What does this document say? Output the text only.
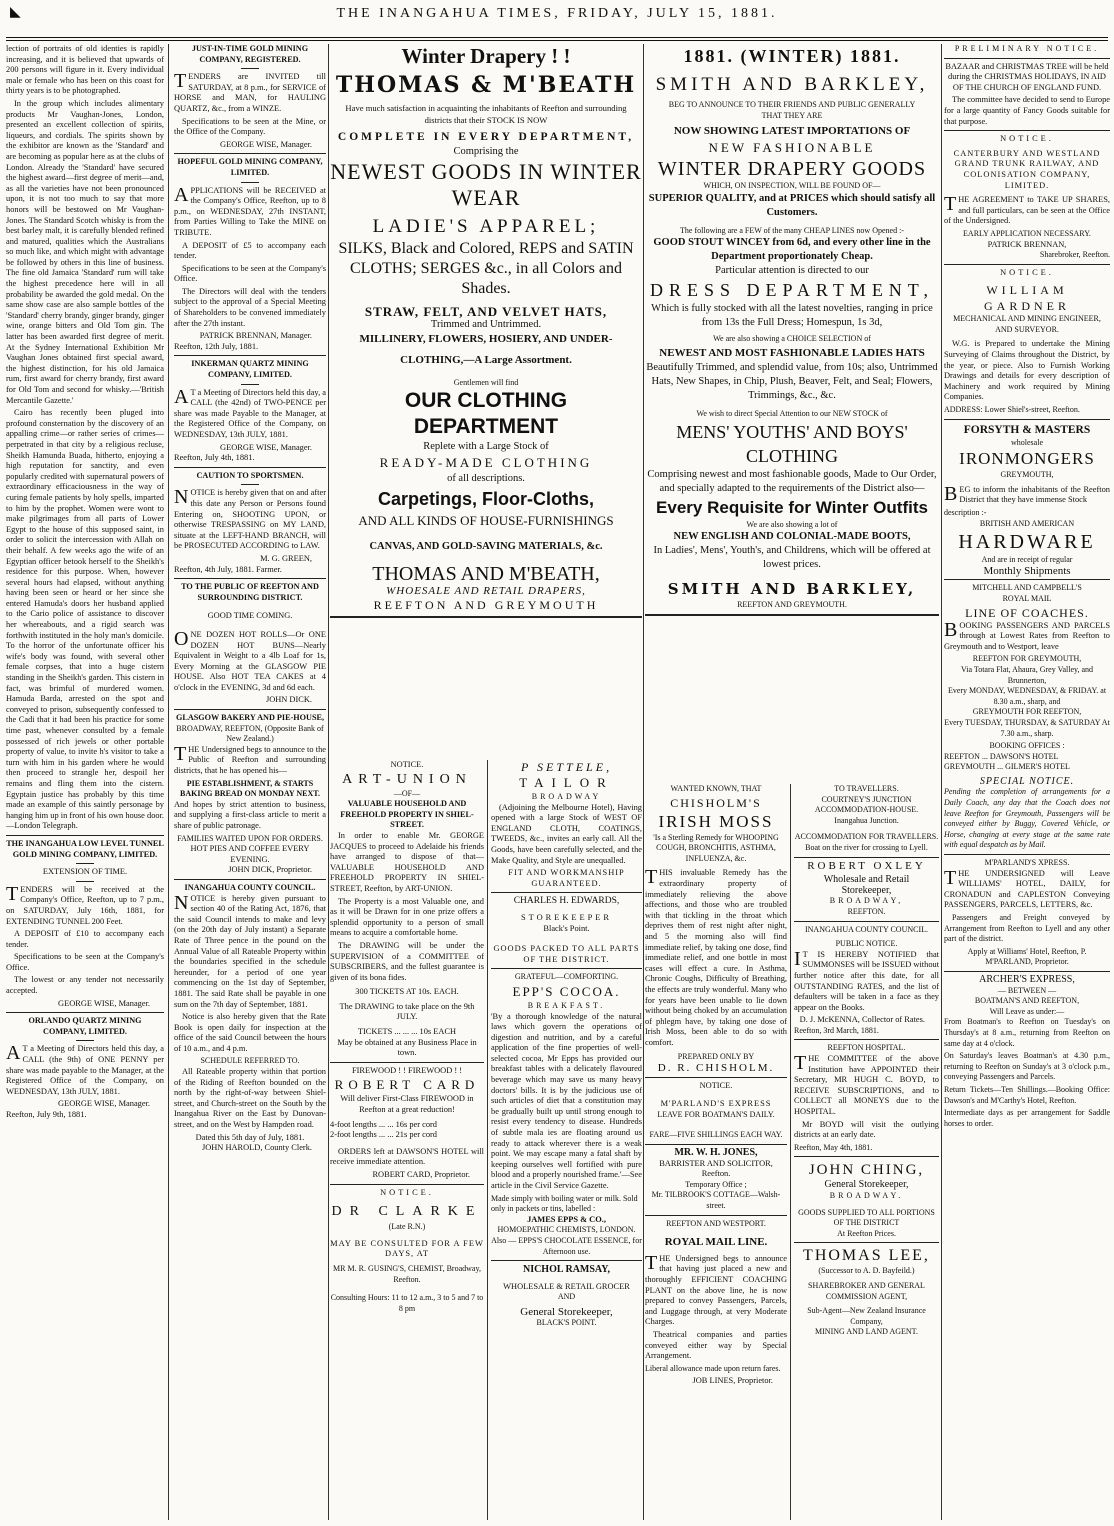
◣	THE INANGAHUA TIMES, FRIDAY, JULY 15, 1881.

lection of portraits of old identies is rapidly increasing, and it is believed that upwards of 200 persons will figure in it. Every individual male or female who has been on this coast for thirty years is to be photographed.

In the group which includes alimentary products Mr Vaughan-Jones, London, presented an excellent collection of spirits, liqueurs, and cordials. The spirits shown by the exhibitor are known as the 'Standard' and are becoming as popular here as at the clubs of London. Already the 'Standard' have secured the highest award—first degree of merit—and, as all the varieties have not been pronounced upon, it is not too much to say that more honors will be bestowed on Mr Vaughan-Jones. The Standard Scotch whisky is from the best barley malt, it is carefully blended refined and matured, qualities which the Australians so much like, and which might with advantage be followed by others in this line of business. The fine old Jamaica 'Standard' rum will take the highest precedence here will in all probability be awarded the gold medal. On the same show case are also sample bottles of the 'Standard' cherry brandy, ginger brandy, ginger wine, orange bitters and Old Tom gin. The latter has been awarded first degree of merit. At the Sydney International Exhibition Mr Vaughan Jones obtained first special award, the highest distinction, for his old Jamaica rum, first award for cherry brandy, first award for Old Tom and second for whisky.—'British Mercantile Gazette.'

Cairo has recently been pluged into profound consternation by the discovery of an appalling crime—or rather series of crimes—perpetrated in that city by a religious recluse, Sheikh Hamunda Buada, hitherto, enjoying a high reputation for sanctity, and even popularly credited with supernatural powers of extraordinary efficaciousness in the way of curing female patients by holy spells, imparted to him by the prophet. Women were wont to make pilgrimages from all parts of Lower Egypt to the house of this supposed saint, in order to solicit the intercession with Allah on their behalf. A few weeks ago the wife of an Egyptian officer betook herself to the Sheikh's residence for this purpose. When, however several hours had elapsed, without anything having been seen or heard or her since she entered Hamuda's doors her husband applied to the Cario police of assistance to discover her whereabouts, and a rigid search was forthwith instituted in the holy man's domicile. To the horror of the unfortunate officer his wife's body was found, with several other female corpses, that into a huge cistern standing in the Sheikh's garden. This cistern in fact, was brimful of murdered women. Hamuda Barda, arrested on the spot and conveyed to prison, subsequently confessed to the Cadi that it had been his practice for some time past, whenever consulted by a female possessed of rich jewels or other portable property of value, to invite h's visitor to take a turn with him in his garden where he would then proceed to strangle her, despoil her remains and fling them into the cistern. Egyptain justice has probably by this time made an example of this saintly personage by hanging him up in front of his own house door.—London Telegraph.

THE INANGAHUA LOW LEVEL TUNNEL GOLD MINING COMPANY, LIMITED.
EXTENSION OF TIME.

TENDERS will be received at the Company's Office, Reefton, up to 7 p.m., on SATURDAY, July 16th, 1881, for EXTENDING TUNNEL 200 Feet.

A DEPOSIT of £10 to accompany each tender.

Specifications to be seen at the Company's Office.

The lowest or any tender not necessarily accepted.

GEORGE WISE, Manager.
ORLANDO QUARTZ MINING COMPANY, LIMITED.

AT a Meeting of Directors held this day, a CALL (the 9th) of ONE PENNY per share was made payable to the Manager, at the Registered Office of the Company, on WEDNESDAY, 13th JULY, 1881.

GEORGE WISE, Manager.
Reefton, July 9th, 1881.
JUST-IN-TIME GOLD MINING COMPANY, REGISTERED.

TENDERS are INVITED till SATURDAY, at 8 p.m., for SERVICE of HORSE and MAN, for HAULING QUARTZ, &c., from a WINZE.

Specifications to be seen at the Mine, or the Office of the Company.

GEORGE WISE, Manager.
HOPEFUL GOLD MINING COMPANY, LIMITED.

APPLICATIONS will be RECEIVED at the Company's Office, Reefton, up to 8 p.m., on WEDNESDAY, 27th INSTANT, from Parties Willing to Take the MINE on TRIBUTE.

A DEPOSIT of £5 to accompany each tender.

Specifications to be seen at the Company's Office.

The Directors will deal with the tenders subject to the approval of a Special Meeting of Shareholders to be convened immediately after the 27th instant.

PATRICK BRENNAN, Manager.
Reefton, 12th July, 1881.
INKERMAN QUARTZ MINING COMPANY, LIMITED.

AT a Meeting of Directors held this day, a CALL (the 42nd) of TWO-PENCE per share was made Payable to the Manager, at the Registered Office of the Company, on WEDNESDAY, 13th JULY, 1881.

GEORGE WISE, Manager.
Reefton, July 4th, 1881.
CAUTION TO SPORTSMEN.

NOTICE is hereby given that on and after this date any Person or Persons found Entering on, SHOOTING UPON, or otherwise TRESPASSING on MY LAND, situate at the LEFT-HAND BRANCH, will be PROSECUTED ACCORDING to LAW.

M. G. GREEN,
Reefton, 4th July, 1881. Farmer.
TO THE PUBLIC OF REEFTON AND SURROUNDING DISTRICT.
GOOD TIME COMING.

ONE DOZEN HOT ROLLS—Or ONE DOZEN HOT BUNS—Nearly Equivalent in Weight to a 4lb Loaf for 1s, Every Morning at the GLASGOW PIE HOUSE. Also HOT TEA CAKES at 4 o'clock in the EVENING, 3d and 6d each.

JOHN DICK.
GLASGOW BAKERY AND PIE-HOUSE,
BROADWAY, REEFTON, (Opposite Bank of New Zealand.)

THE Undersigned begs to announce to the Public of Reefton and surrounding districts, that he has opened his—

PIE ESTABLISHMENT, & STARTS BAKING BREAD ON MONDAY NEXT.

And hopes by strict attention to business, and supplying a first-class article to merit a share of public patronage.

FAMILIES WAITED UPON FOR ORDERS.
HOT PIES AND COFFEE EVERY EVENING.
JOHN DICK, Proprietor.
INANGAHUA COUNTY COUNCIL.

NOTICE is hereby given pursuant to section 40 of the Rating Act, 1876, that the said Council intends to make and levy (on the 20th day of July instant) a Separate Rate of Three pence in the pound on the Annual Value of all Rateable Property within the boundaries specified in the schedule hereunder, for a period of one year commencing on the 1st day of September, 1881. The said Rate shall be payable in one sum on the 7th day of September, 1881.

Notice is also hereby given that the Rate Book is open daily for inspection at the office of the said Council between the hours of 10 a.m., and 4 p.m.

SCHEDULE REFERRED TO.

All Rateable property within that portion of the Riding of Reefton bounded on the north by the right-of-way between Shiel-street, and Church-street on the South by the Inangahua River on the East by Dunovan-street, and on the West by Hampden road.

Dated this 5th day of July, 1881.
JOHN HAROLD, County Clerk.
Winter Drapery ! !
THOMAS & M'BEATH
Have much satisfaction in acquainting the inhabitants of Reefton and surrounding districts that their STOCK IS NOW
COMPLETE IN EVERY DEPARTMENT,
Comprising the
NEWEST GOODS IN WINTER WEAR
LADIE'S APPAREL;
SILKS, Black and Colored, REPS and SATIN
CLOTHS; SERGES &c., in all Colors and Shades.
STRAW, FELT, AND VELVET HATS,
Trimmed and Untrimmed.
MILLINERY, FLOWERS, HOSIERY, AND UNDER-
CLOTHING,—A Large Assortment.
Gentlemen will find
OUR CLOTHING DEPARTMENT
Replete with a Large Stock of
READY-MADE CLOTHING
of all descriptions.
Carpetings, Floor-Cloths,
AND ALL KINDS OF HOUSE-FURNISHINGS
CANVAS, AND GOLD-SAVING MATERIALS, &c.
THOMAS AND M'BEATH,
WHOESALE AND RETAIL DRAPERS,
REEFTON AND GREYMOUTH
NOTICE.
ART-UNION
—OF—
VALUABLE HOUSEHOLD AND FREEHOLD PROPERTY IN SHIEL-STREET.

In order to enable Mr. GEORGE JACQUES to proceed to Adelaide his friends have arranged to dispose of that— VALUABLE HOUSEHOLD AND FREEHOLD PROPERTY IN SHIEL-STREET, Reefton, by ART-UNION.

The Property is a most Valuable one, and as it will be Drawn for in one prize offers a splendid opportunity to a person of small means to acquire a comfortable home.

The DRAWING will be under the SUPERVISION of a COMMITTEE of SUBSCRIBERS, and the fullest guarantee is given of its bona fides.

300 TICKETS AT 10s. EACH.
The DRAWING to take place on the 9th JULY.
TICKETS ... ... ... 10s EACH
May be obtained at any Business Place in town.
FIREWOOD ! ! FIREWOOD ! !
ROBERT CARD
Will deliver First-Class FIREWOOD in Reefton at a great reduction!
4-foot lengths ... ... 16s per cord
2-foot lengths ... ... 21s per cord

ORDERS left at DAWSON'S HOTEL will receive immediate attention.

ROBERT CARD, Proprietor.
NOTICE.
DR CLARKE
(Late R.N.)
MAY BE CONSULTED FOR A FEW DAYS, AT
MR M. R. GUSING'S, CHEMIST, Broadway, Reefton.
Consulting Hours: 11 to 12 a.m., 3 to 5 and 7 to 8 pm
P SETTELE,
TAILOR
BROADWAY

(Adjoining the Melbourne Hotel), Having opened with a large Stock of WEST OF ENGLAND CLOTH, COATINGS, TWEEDS, &c., invites an early call. All the Goods, have been carefully selected, and the Make Quality, and Style are unequalled.

FIT AND WORKMANSHIP GUARANTEED.
CHARLES H. EDWARDS,
STOREKEEPER
Black's Point.
GOODS PACKED TO ALL PARTS OF THE DISTRICT.
GRATEFUL—COMFORTING.
EPP'S COCOA.
BREAKFAST.

'By a thorough knowledge of the natural laws which govern the operations of digestion and nutrition, and by a careful application of the fine properties of well-selected cocoa, Mr Epps has provided our breakfast tables with a delicately flavoured beverage which may save us many heavy doctors' bills. It is by the judicious use of such articles of diet that a constitution may be gradually built up until strong enough to resist every tendency to disease. Hundreds of subtle mala ies are floating around us ready to attack wherever there is a weak point. We may escape many a fatal shaft by keeping ourselves well fortified with pure blood and a properly nourished frame.'—See article in the Civil Service Gazette.

Made simply with boiling water or milk. Sold only in packets or tins, labelled :
JAMES EPPS & CO.,
HOMOEPATHIC CHEMISTS, LONDON.
Also — EPPS'S CHOCOLATE ESSENCE, for Afternoon use.
NICHOL RAMSAY,
WHOLESALE & RETAIL GROCER
AND
General Storekeeper,
BLACK'S POINT.
1881. (WINTER) 1881.
SMITH AND BARKLEY,
BEG TO ANNOUNCE TO THEIR FRIENDS AND PUBLIC GENERALLY THAT THEY ARE
NOW SHOWING LATEST IMPORTATIONS OF
NEW FASHIONABLE
WINTER DRAPERY GOODS
WHICH, ON INSPECTION, WILL BE FOUND OF—
SUPERIOR QUALITY, and at PRICES which should satisfy all Customers.
The following are a FEW of the many CHEAP LINES now Opened :-
GOOD STOUT WINCEY from 6d, and every other line in the Department proportionately Cheap.
Particular attention is directed to our
DRESS DEPARTMENT,
Which is fully stocked with all the latest novelties, ranging in price from 13s the Full Dress; Homespun, 1s 3d,
We are also showing a CHOICE SELECTION of
NEWEST AND MOST FASHIONABLE LADIES HATS
Beautifully Trimmed, and splendid value, from 10s; also, Untrimmed Hats, New Shapes, in Chip, Plush, Beaver, Felt, and Seal; Flowers, Trimmings, &c., &c.
We wish to direct Special Attention to our NEW STOCK of
MENS' YOUTHS' AND BOYS' CLOTHING
Comprising newest and most fashionable goods, Made to Our Order, and specially adapted to the requirements of the District also—
Every Requisite for Winter Outfits
We are also showing a lot of
NEW ENGLISH AND COLONIAL-MADE BOOTS,
In Ladies', Mens', Youth's, and Childrens, which will be offered at lowest prices.
SMITH AND BARKLEY,
REEFTON AND GREYMOUTH.
WANTED KNOWN, THAT
CHISHOLM'S
IRISH MOSS
'Is a Sterling Remedy for WHOOPING COUGH, BRONCHITIS, ASTHMA, INFLUENZA, &c.

THIS invaluable Remedy has the extraordinary property of immediately relieving the above affections, and those who are troubled with that tickling in the throat which deprives them of rest night after night, and 5 the morning also will find immediate relief, by taking one dose, find immediate relief, and one bottle in most cases will effect a cure. In Asthma, Chronic Coughs, Difficulty of Breathing, the effects are truly wonderful. Many who for years have been unable to lie down without being choked by an accumulation of phlegm have, by taking one dose of Irish Moss, been able to do so with comfort.

PREPARED ONLY BY
D. R. CHISHOLM.
NOTICE.
M'PARLAND'S EXPRESS
LEAVE FOR BOATMAN'S DAILY.
FARE—FIVE SHILLINGS EACH WAY.
MR. W. H. JONES,
BARRISTER AND SOLICITOR, Reefton.
Temporary Office ;
Mr. TILBROOK'S COTTAGE—Walsh-street.
REEFTON AND WESTPORT.
ROYAL MAIL LINE.

THE Undersigned begs to announce that having just placed a new and thoroughly EFFICIENT COACHING PLANT on the above line, he is now prepared to convey Passengers, Parcels, and Luggage through, at very Moderate Charges.

Theatrical companies and parties conveyed either way by Special Arrangement.

Liberal allowance made upon return fares.

JOB LINES, Proprietor.
TO TRAVELLERS.
COURTNEY'S JUNCTION ACCOMMODATION-HOUSE.
Inangahua Junction.
ACCOMMODATION FOR TRAVELLERS.
Boat on the river for crossing to Lyell.
ROBERT OXLEY
Wholesale and Retail
Storekeeper,
BROADWAY,
REEFTON.
INANGAHUA COUNTY COUNCIL.
PUBLIC NOTICE.

IT IS HEREBY NOTIFIED that SUMMONSES will be ISSUED without further notice after this date, for all OUTSTANDING RATES, and the list of defaulters will be taken in a face as they appear on the Books.

D. J. McKENNA, Collector of Rates.
Reefton, 3rd March, 1881.
REEFTON HOSPITAL.

THE COMMITTEE of the above Institution have APPOINTED their Secretary, MR HUGH C. BOYD, to RECEIVE SUBSCRIPTIONS, and to COLLECT all MONEYS due to the HOSPITAL.

Mr BOYD will visit the outlying districts at an early date.

Reefton, May 4th, 1881.
JOHN CHING,
General Storekeeper,
BROADWAY.
GOODS SUPPLIED TO ALL PORTIONS OF THE DISTRICT
At Reefton Prices.
THOMAS LEE,
(Successor to A. D. Bayfeild.)
SHAREBROKER AND GENERAL COMMISSION AGENT,
Sub-Agent—New Zealand Insurance Company,
MINING AND LAND AGENT.
PRELIMINARY NOTICE.

BAZAAR and CHRISTMAS TREE will be held during the CHRISTMAS HOLIDAYS, IN AID OF THE CHURCH OF ENGLAND FUND.

The committee have decided to send to Europe for a large quantity of Fancy Goods suitable for that purpose.

NOTICE.
CANTERBURY AND WESTLAND GRAND TRUNK RAILWAY, AND COLONISATION COMPANY, LIMITED.

THE AGREEMENT to TAKE UP SHARES, and full particulars, can be seen at the Office of the Undersigned.

EARLY APPLICATION NECESSARY.
PATRICK BRENNAN,
Sharebroker, Reefton.
NOTICE.
WILLIAM GARDNER
MECHANICAL AND MINING ENGINEER, AND SURVEYOR.

W.G. is Prepared to undertake the Mining Surveying of Claims throughout the District, by the year, or piece. Also to Furnish Working Drawings and details for every description of Machinery and work required by Mining Companies.

ADDRESS: Lower Shiel's-street, Reefton.
FORSYTH & MASTERS
wholesale
IRONMONGERS
GREYMOUTH,

BEG to inform the inhabitants of the Reefton District that they have immense Stock

description :-
BRITISH AND AMERICAN
HARDWARE
And are in receipt of regular
Monthly Shipments
MITCHELL AND CAMPBELL'S
ROYAL MAIL
LINE OF COACHES.

BOOKING PASSENGERS AND PARCELS through at Lowest Rates from Reefton to Greymouth and to Westport, leave

REEFTON FOR GREYMOUTH,
Via Totara Flat, Ahaura, Grey Valley, and Brunnerton,
Every MONDAY, WEDNESDAY, & FRIDAY. at 8.30 a.m., sharp, and
GREYMOUTH FOR REEFTON,
Every TUESDAY, THURSDAY, & SATURDAY At 7.30 a.m., sharp.
BOOKING OFFICES :
REEFTON ... DAWSON'S HOTEL
GREYMOUTH ... GILMER'S HOTEL
SPECIAL NOTICE.

Pending the completion of arrangements for a Daily Coach, any day that the Coach does not leave Reefton for Greymouth, Passengers will be conveyed either by Buggy, Covered Vehicle, or Horse, changing at every stage at the same rate with equal despatch as by Mail.

M'PARLAND'S XPRESS.

THE UNDERSIGNED will Leave WILLIAMS' HOTEL, DAILY, for CRONADUN and CAPLESTON Conveying PASSENGERS, PARCELS, LETTERS, &c.

Passengers and Freight conveyed by Arrangement from Reefton to Lyell and any other part of the district.

Apply at Williams' Hotel, Reefton, P. M'PARLAND, Proprietor.

ARCHER'S EXPRESS,
— BETWEEN —
BOATMAN'S AND REEFTON,
Will Leave as under:—

From Boatman's to Reefton on Tuesday's on Thursday's at 8 a.m., returning from Reefton on same day at 4 o'clock.

On Saturday's leaves Boatman's at 4.30 p.m., returning to Reefton on Sunday's at 3 o'clock p.m., conveying Passengers and Parcels.

Return Tickets—Ten Shillings.—Booking Office: Dawson's and M'Carthy's Hotel, Reefton.

Intermediate days as per arrangement for Saddle horses to order.
